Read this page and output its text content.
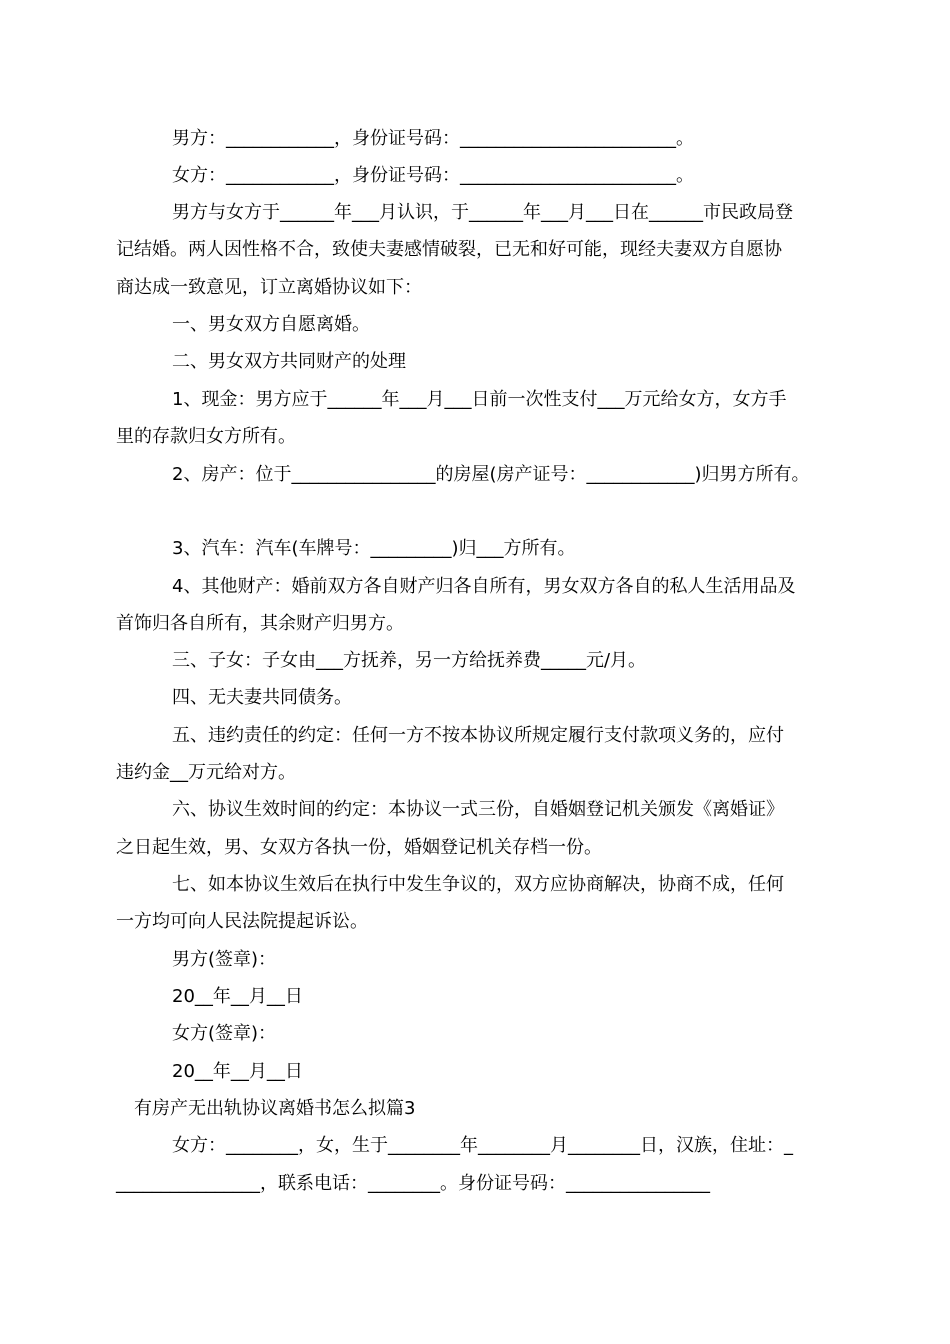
男方：____________，身份证号码：________________________。
女方：____________，身份证号码：________________________。
男方与女方于______年___月认识，于______年___月___日在______市民政局登
记结婚。两人因性格不合，致使夫妻感情破裂，已无和好可能，现经夫妻双方自愿协
商达成一致意见，订立离婚协议如下：
一、男女双方自愿离婚。
二、男女双方共同财产的处理
1、现金：男方应于______年___月___日前一次性支付___万元给女方，女方手
里的存款归女方所有。
2、房产：位于________________的房屋(房产证号：____________)归男方所有。
3、汽车：汽车(车牌号：_________)归___方所有。
4、其他财产：婚前双方各自财产归各自所有，男女双方各自的私人生活用品及
首饰归各自所有，其余财产归男方。
三、子女：子女由___方抚养，另一方给抚养费_____元/月。
四、无夫妻共同债务。
五、违约责任的约定：任何一方不按本协议所规定履行支付款项义务的，应付
违约金__万元给对方。
六、协议生效时间的约定：本协议一式三份，自婚姻登记机关颁发《离婚证》
之日起生效，男、女双方各执一份，婚姻登记机关存档一份。
七、如本协议生效后在执行中发生争议的，双方应协商解决，协商不成，任何
一方均可向人民法院提起诉讼。
男方(签章)：
20__年__月__日
女方(签章)：
20__年__月__日
有房产无出轨协议离婚书怎么拟篇3
女方：________，女，生于________年________月________日，汉族，住址：_
________________，联系电话：________。身份证号码：________________
